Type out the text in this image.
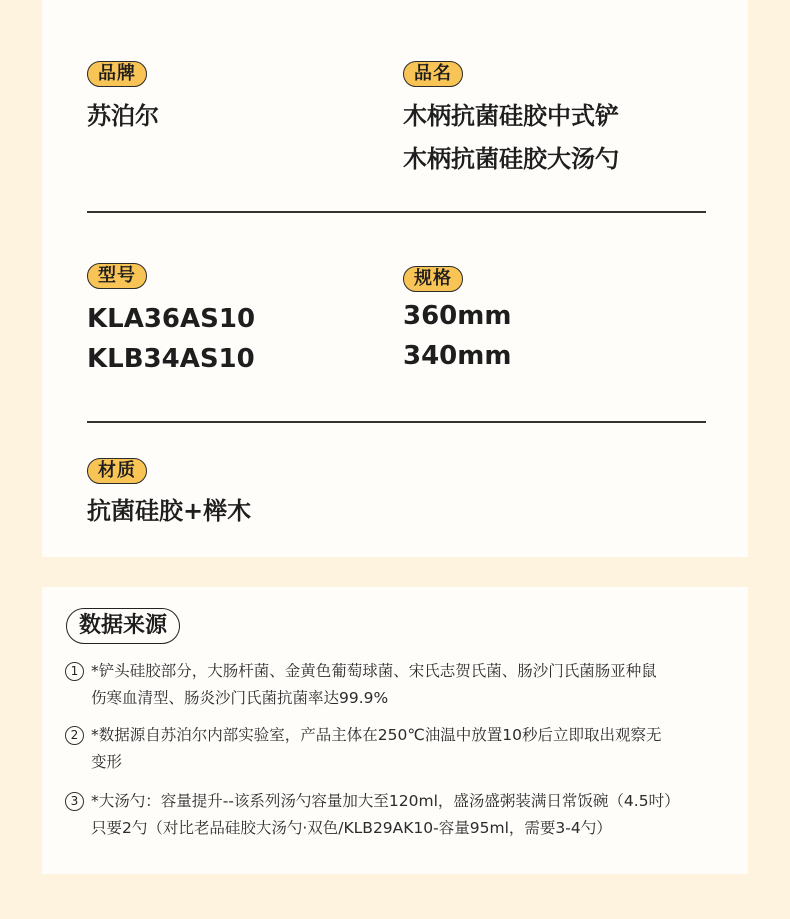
品牌
苏泊尔
品名
木柄抗菌硅胶中式铲
木柄抗菌硅胶大汤勺
型号
KLA36AS10
KLB34AS10
规格
360mm
340mm
材质
抗菌硅胶+榉木
数据来源
1 *铲头硅胶部分，大肠杆菌、金黄色葡萄球菌、宋氏志贺氏菌、肠沙门氏菌肠亚种鼠
伤寒血清型、肠炎沙门氏菌抗菌率达99.9%
2 *数据源自苏泊尔内部实验室，产品主体在250℃油温中放置10秒后立即取出观察无
变形
3 *大汤勺：容量提升--该系列汤勺容量加大至120ml，盛汤盛粥装满日常饭碗（4.5吋）
只要2勺（对比老品硅胶大汤勺·双色/KLB29AK10-容量95ml，需要3-4勺）
